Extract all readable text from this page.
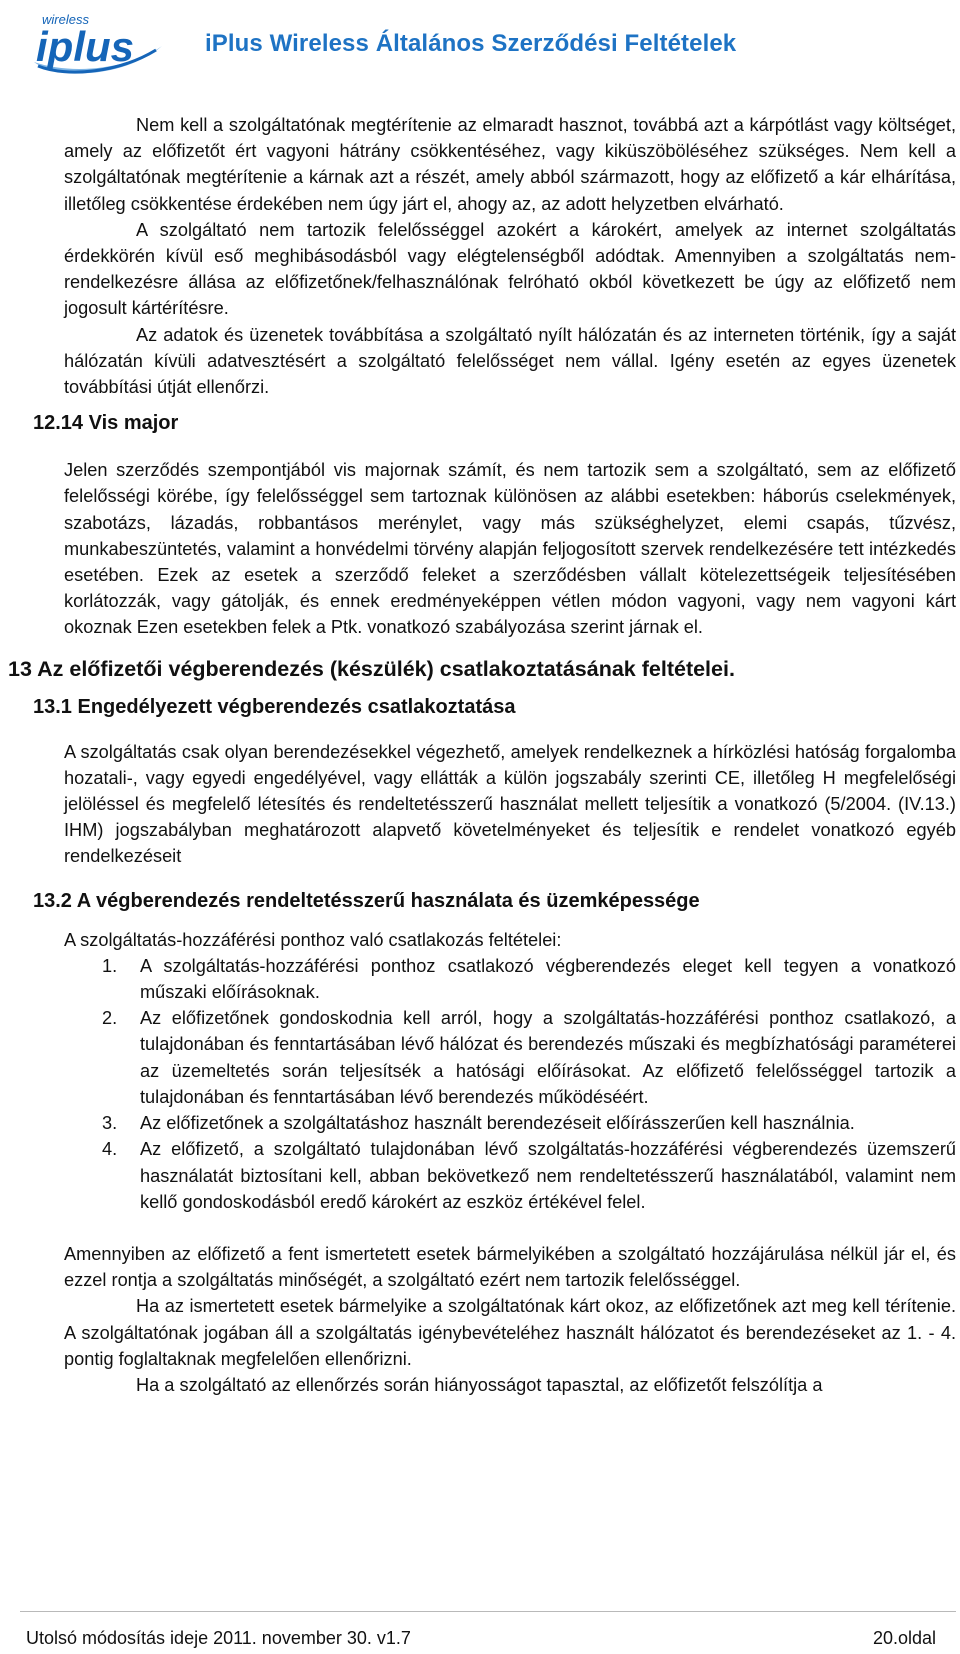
wireless
iplus	iPlus Wireless Általános Szerződési Feltételek

Nem kell a szolgáltatónak megtérítenie az elmaradt hasznot, továbbá azt a kárpótlást vagy költséget, amely az előfizetőt ért vagyoni hátrány csökkentéséhez, vagy kiküszöböléséhez szükséges. Nem kell a szolgáltatónak megtérítenie a kárnak azt a részét, amely abból származott, hogy az előfizető a kár elhárítása, illetőleg csökkentése érdekében nem úgy járt el, ahogy az, az adott helyzetben elvárható.

A szolgáltató nem tartozik felelősséggel azokért a károkért, amelyek az internet szolgáltatás érdekkörén kívül eső meghibásodásból vagy elégtelenségből adódtak. Amennyiben a szolgáltatás nem-rendelkezésre állása az előfizetőnek/felhasználónak felróható okból következett be úgy az előfizető nem jogosult kártérítésre.

Az adatok és üzenetek továbbítása a szolgáltató nyílt hálózatán és az interneten történik, így a saját hálózatán kívüli adatvesztésért a szolgáltató felelősséget nem vállal. Igény esetén az egyes üzenetek továbbítási útját ellenőrzi.

12.14 Vis major

Jelen szerződés szempontjából vis majornak számít, és nem tartozik sem a szolgáltató, sem az előfizető felelősségi körébe, így felelősséggel sem tartoznak különösen az alábbi esetekben: háborús cselekmények, szabotázs, lázadás, robbantásos merénylet, vagy más szükséghelyzet, elemi csapás, tűzvész, munkabeszüntetés, valamint a honvédelmi törvény alapján feljogosított szervek rendelkezésére tett intézkedés esetében. Ezek az esetek a szerződő feleket a szerződésben vállalt kötelezettségeik teljesítésében korlátozzák, vagy gátolják, és ennek eredményeképpen vétlen módon vagyoni, vagy nem vagyoni kárt okoznak Ezen esetekben felek a Ptk. vonatkozó szabályozása szerint járnak el.

13 Az előfizetői végberendezés (készülék) csatlakoztatásának feltételei.
13.1 Engedélyezett végberendezés csatlakoztatása

A szolgáltatás csak olyan berendezésekkel végezhető, amelyek rendelkeznek a hírközlési hatóság forgalomba hozatali-, vagy egyedi engedélyével, vagy ellátták a külön jogszabály szerinti CE, illetőleg H megfelelőségi jelöléssel és megfelelő létesítés és rendeltetésszerű használat mellett teljesítik a vonatkozó (5/2004. (IV.13.) IHM) jogszabályban meghatározott alapvető követelményeket és teljesítik e rendelet vonatkozó egyéb rendelkezéseit

13.2 A végberendezés rendeltetésszerű használata és üzemképessége

A szolgáltatás-hozzáférési ponthoz való csatlakozás feltételei:

1. A szolgáltatás-hozzáférési ponthoz csatlakozó végberendezés eleget kell tegyen a vonatkozó műszaki előírásoknak.
2. Az előfizetőnek gondoskodnia kell arról, hogy a szolgáltatás-hozzáférési ponthoz csatlakozó, a tulajdonában és fenntartásában lévő hálózat és berendezés műszaki és megbízhatósági paraméterei az üzemeltetés során teljesítsék a hatósági előírásokat. Az előfizető felelősséggel tartozik a tulajdonában és fenntartásában lévő berendezés működéséért.
3. Az előfizetőnek a szolgáltatáshoz használt berendezéseit előírásszerűen kell használnia.
4. Az előfizető, a szolgáltató tulajdonában lévő szolgáltatás-hozzáférési végberendezés üzemszerű használatát biztosítani kell, abban bekövetkező nem rendeltetésszerű használatából, valamint nem kellő gondoskodásból eredő károkért az eszköz értékével felel.

Amennyiben az előfizető a fent ismertetett esetek bármelyikében a szolgáltató hozzájárulása nélkül jár el, és ezzel rontja a szolgáltatás minőségét, a szolgáltató ezért nem tartozik felelősséggel.

Ha az ismertetett esetek bármelyike a szolgáltatónak kárt okoz, az előfizetőnek azt meg kell térítenie. A szolgáltatónak jogában áll a szolgáltatás igénybevételéhez használt hálózatot és berendezéseket az 1. - 4. pontig foglaltaknak megfelelően ellenőrizni.

Ha a szolgáltató az ellenőrzés során hiányosságot tapasztal, az előfizetőt felszólítja a

Utolsó módosítás ideje 2011. november 30. v1.7	20.oldal
